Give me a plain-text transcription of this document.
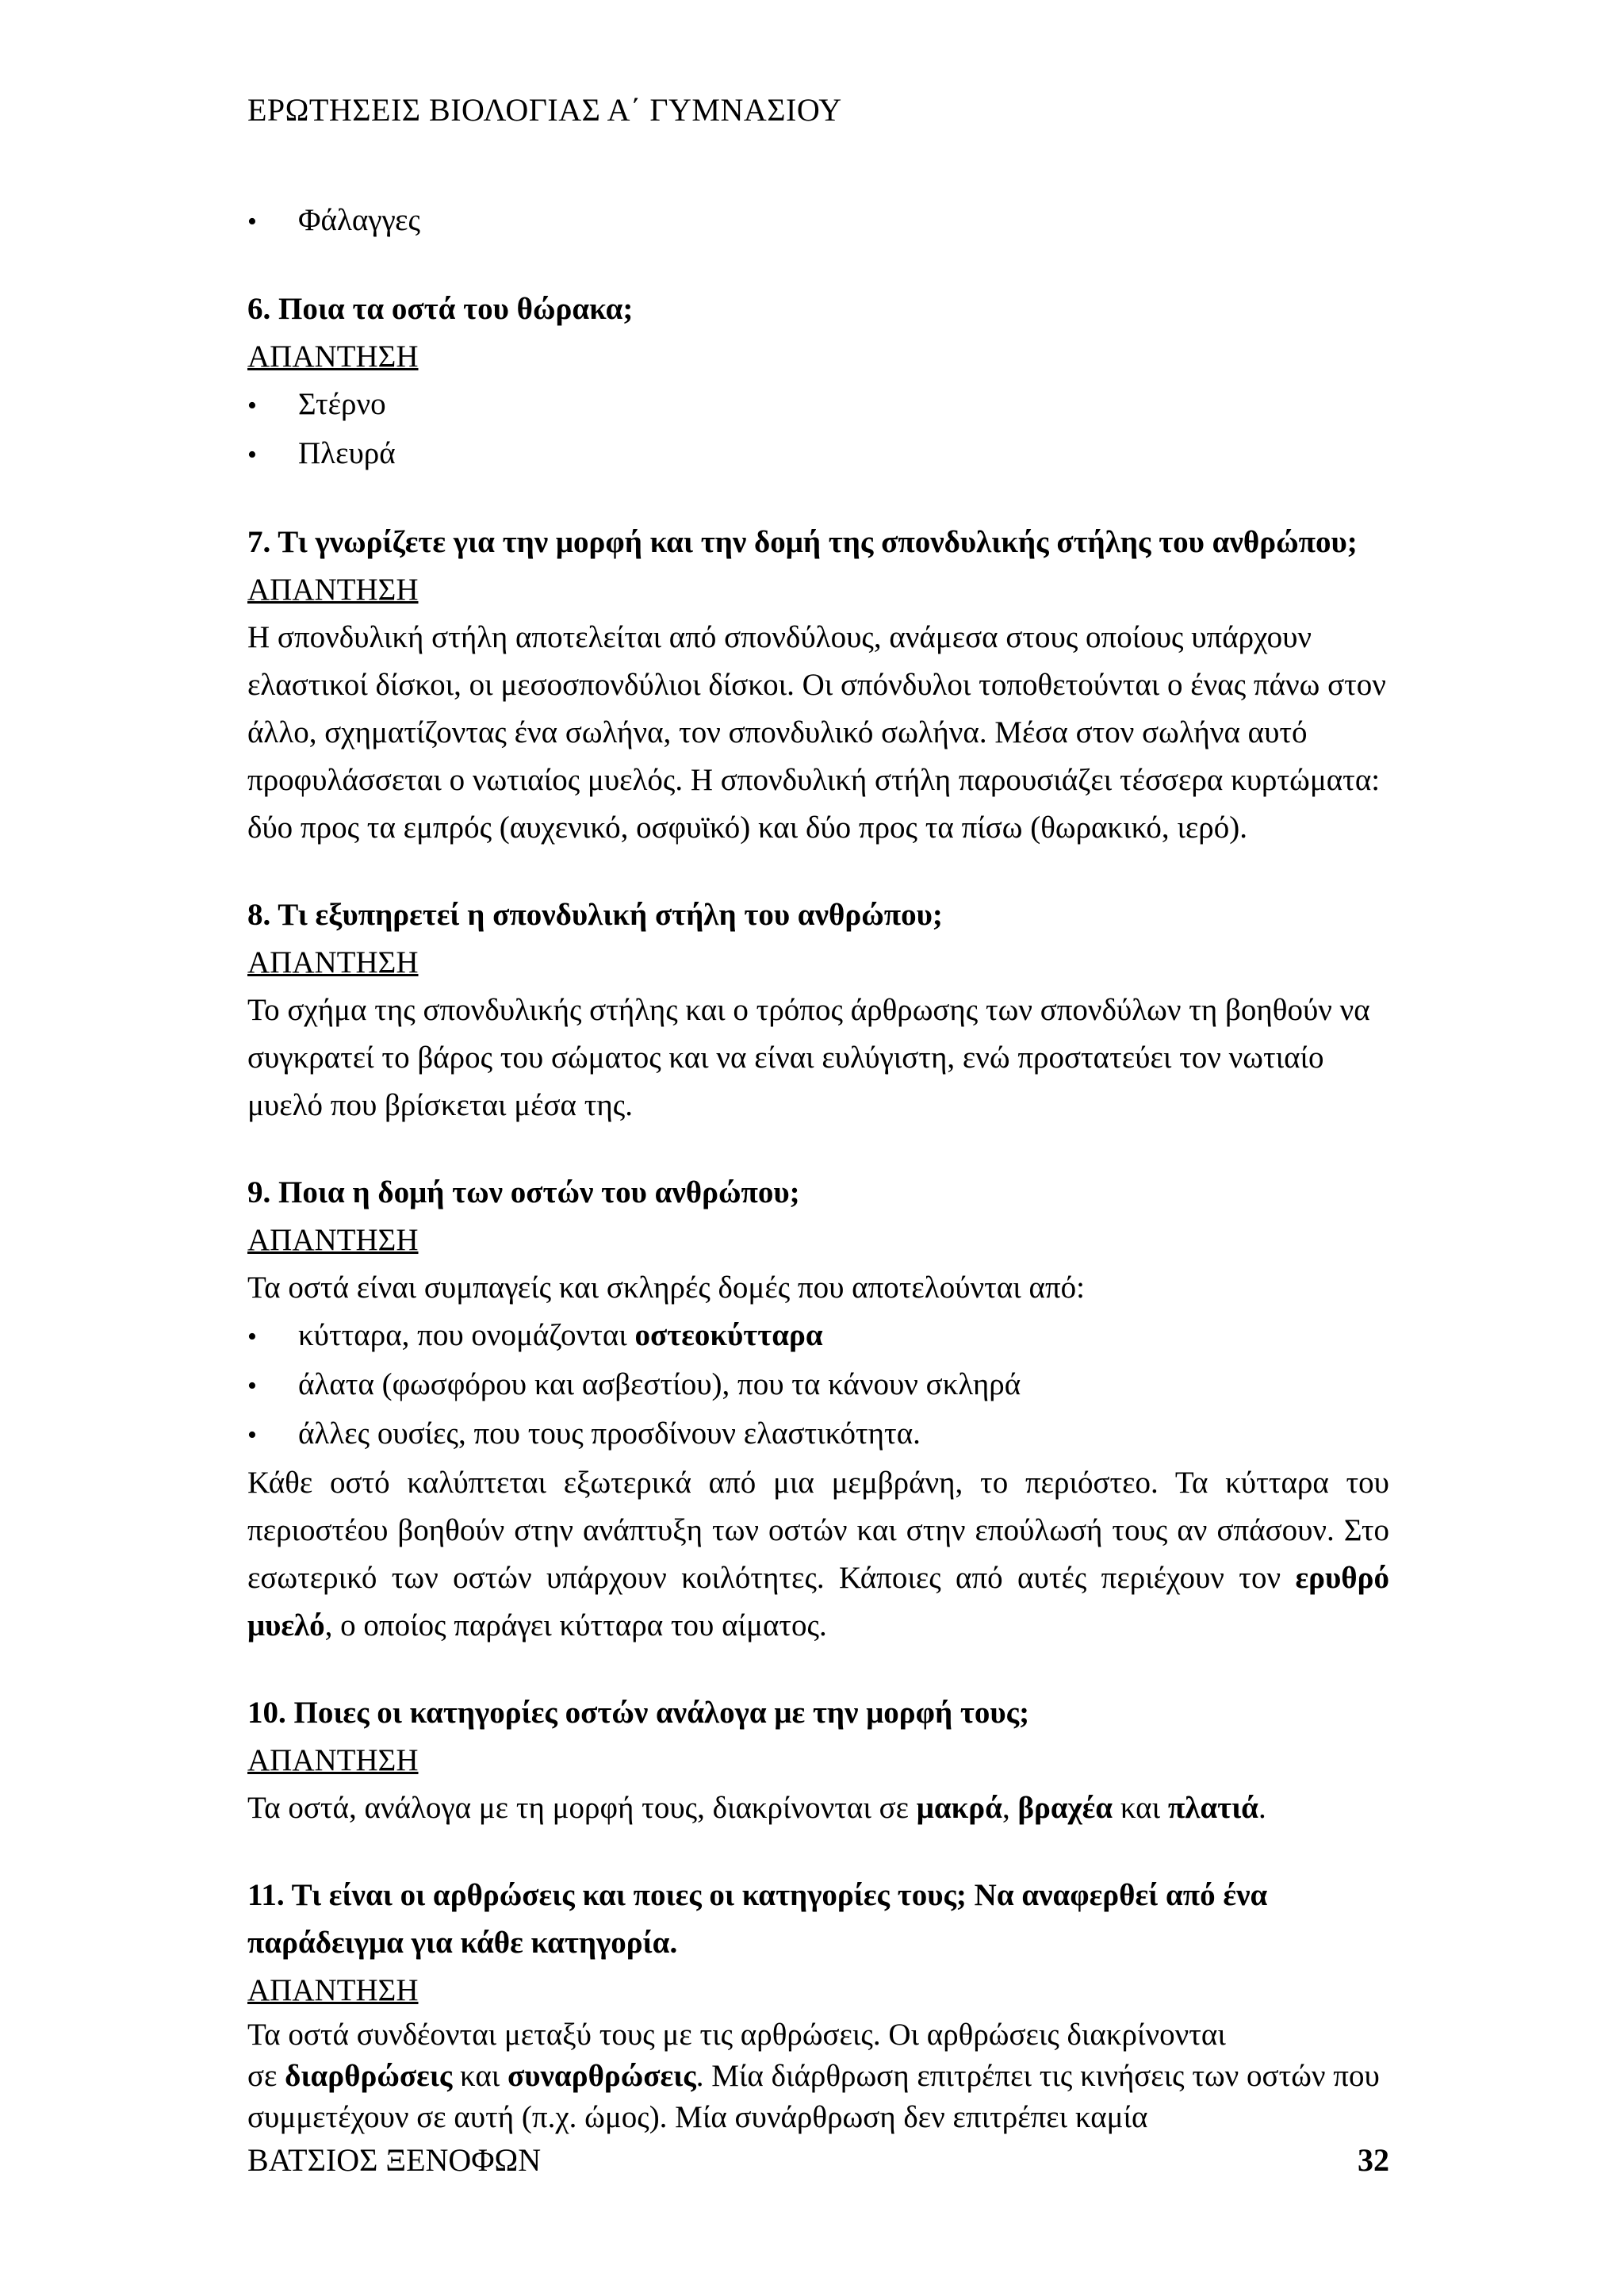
ΕΡΩΤΗΣΕΙΣ ΒΙΟΛΟΓΙΑΣ Α΄ ΓΥΜΝΑΣΙΟΥ

•	Φάλαγγες

6. Ποια τα οστά του θώρακα;

ΑΠΑΝΤΗΣΗ

•	Στέρνο

•	Πλευρά

7. Τι γνωρίζετε για την μορφή και την δομή της σπονδυλικής στήλης του ανθρώπου;

ΑΠΑΝΤΗΣΗ

Η σπονδυλική στήλη αποτελείται από σπονδύλους, ανάμεσα στους οποίους υπάρχουν ελαστικοί δίσκοι, οι μεσοσπονδύλιοι δίσκοι. Οι σπόνδυλοι τοποθετούνται ο ένας πάνω στον άλλο, σχηματίζοντας ένα σωλήνα, τον σπονδυλικό σωλήνα. Μέσα στον σωλήνα αυτό προφυλάσσεται ο νωτιαίος μυελός. Η σπονδυλική στήλη παρουσιάζει τέσσερα κυρτώματα: δύο προς τα εμπρός (αυχενικό, οσφυϊκό) και δύο προς τα πίσω (θωρακικό, ιερό).

8. Τι εξυπηρετεί η σπονδυλική στήλη του ανθρώπου;

ΑΠΑΝΤΗΣΗ

Το σχήμα της σπονδυλικής στήλης και ο τρόπος άρθρωσης των σπονδύλων τη βοηθούν να συγκρατεί το βάρος του σώματος και να είναι ευλύγιστη, ενώ προστατεύει τον νωτιαίο μυελό που βρίσκεται μέσα της.

9. Ποια η δομή των οστών του ανθρώπου;

ΑΠΑΝΤΗΣΗ

Τα οστά είναι συμπαγείς και σκληρές δομές που αποτελούνται από:

•	κύτταρα, που ονομάζονται οστεοκύτταρα

•	άλατα (φωσφόρου και ασβεστίου), που τα κάνουν σκληρά

•	άλλες ουσίες, που τους προσδίνουν ελαστικότητα.

Κάθε οστό καλύπτεται εξωτερικά από μια μεμβράνη, το περιόστεο. Τα κύτταρα του περιοστέου βοηθούν στην ανάπτυξη των οστών και στην επούλωσή τους αν σπάσουν. Στο εσωτερικό των οστών υπάρχουν κοιλότητες. Κάποιες από αυτές περιέχουν τον ερυθρό μυελό, ο οποίος παράγει κύτταρα του αίματος.

10. Ποιες οι κατηγορίες οστών ανάλογα με την μορφή τους;

ΑΠΑΝΤΗΣΗ

Τα οστά, ανάλογα με τη μορφή τους, διακρίνονται σε μακρά, βραχέα και πλατιά.

11. Τι είναι οι αρθρώσεις και ποιες οι κατηγορίες τους; Να αναφερθεί από ένα παράδειγμα για κάθε κατηγορία.

ΑΠΑΝΤΗΣΗ

Τα οστά συνδέονται μεταξύ τους με τις αρθρώσεις. Οι αρθρώσεις διακρίνονται

σε διαρθρώσεις και συναρθρώσεις. Μία διάρθρωση επιτρέπει τις κινήσεις των οστών που συμμετέχουν σε αυτή (π.χ. ώμος). Μία συνάρθρωση δεν επιτρέπει καμία

ΒΑΤΣΙΟΣ ΞΕΝΟΦΩΝ	32
